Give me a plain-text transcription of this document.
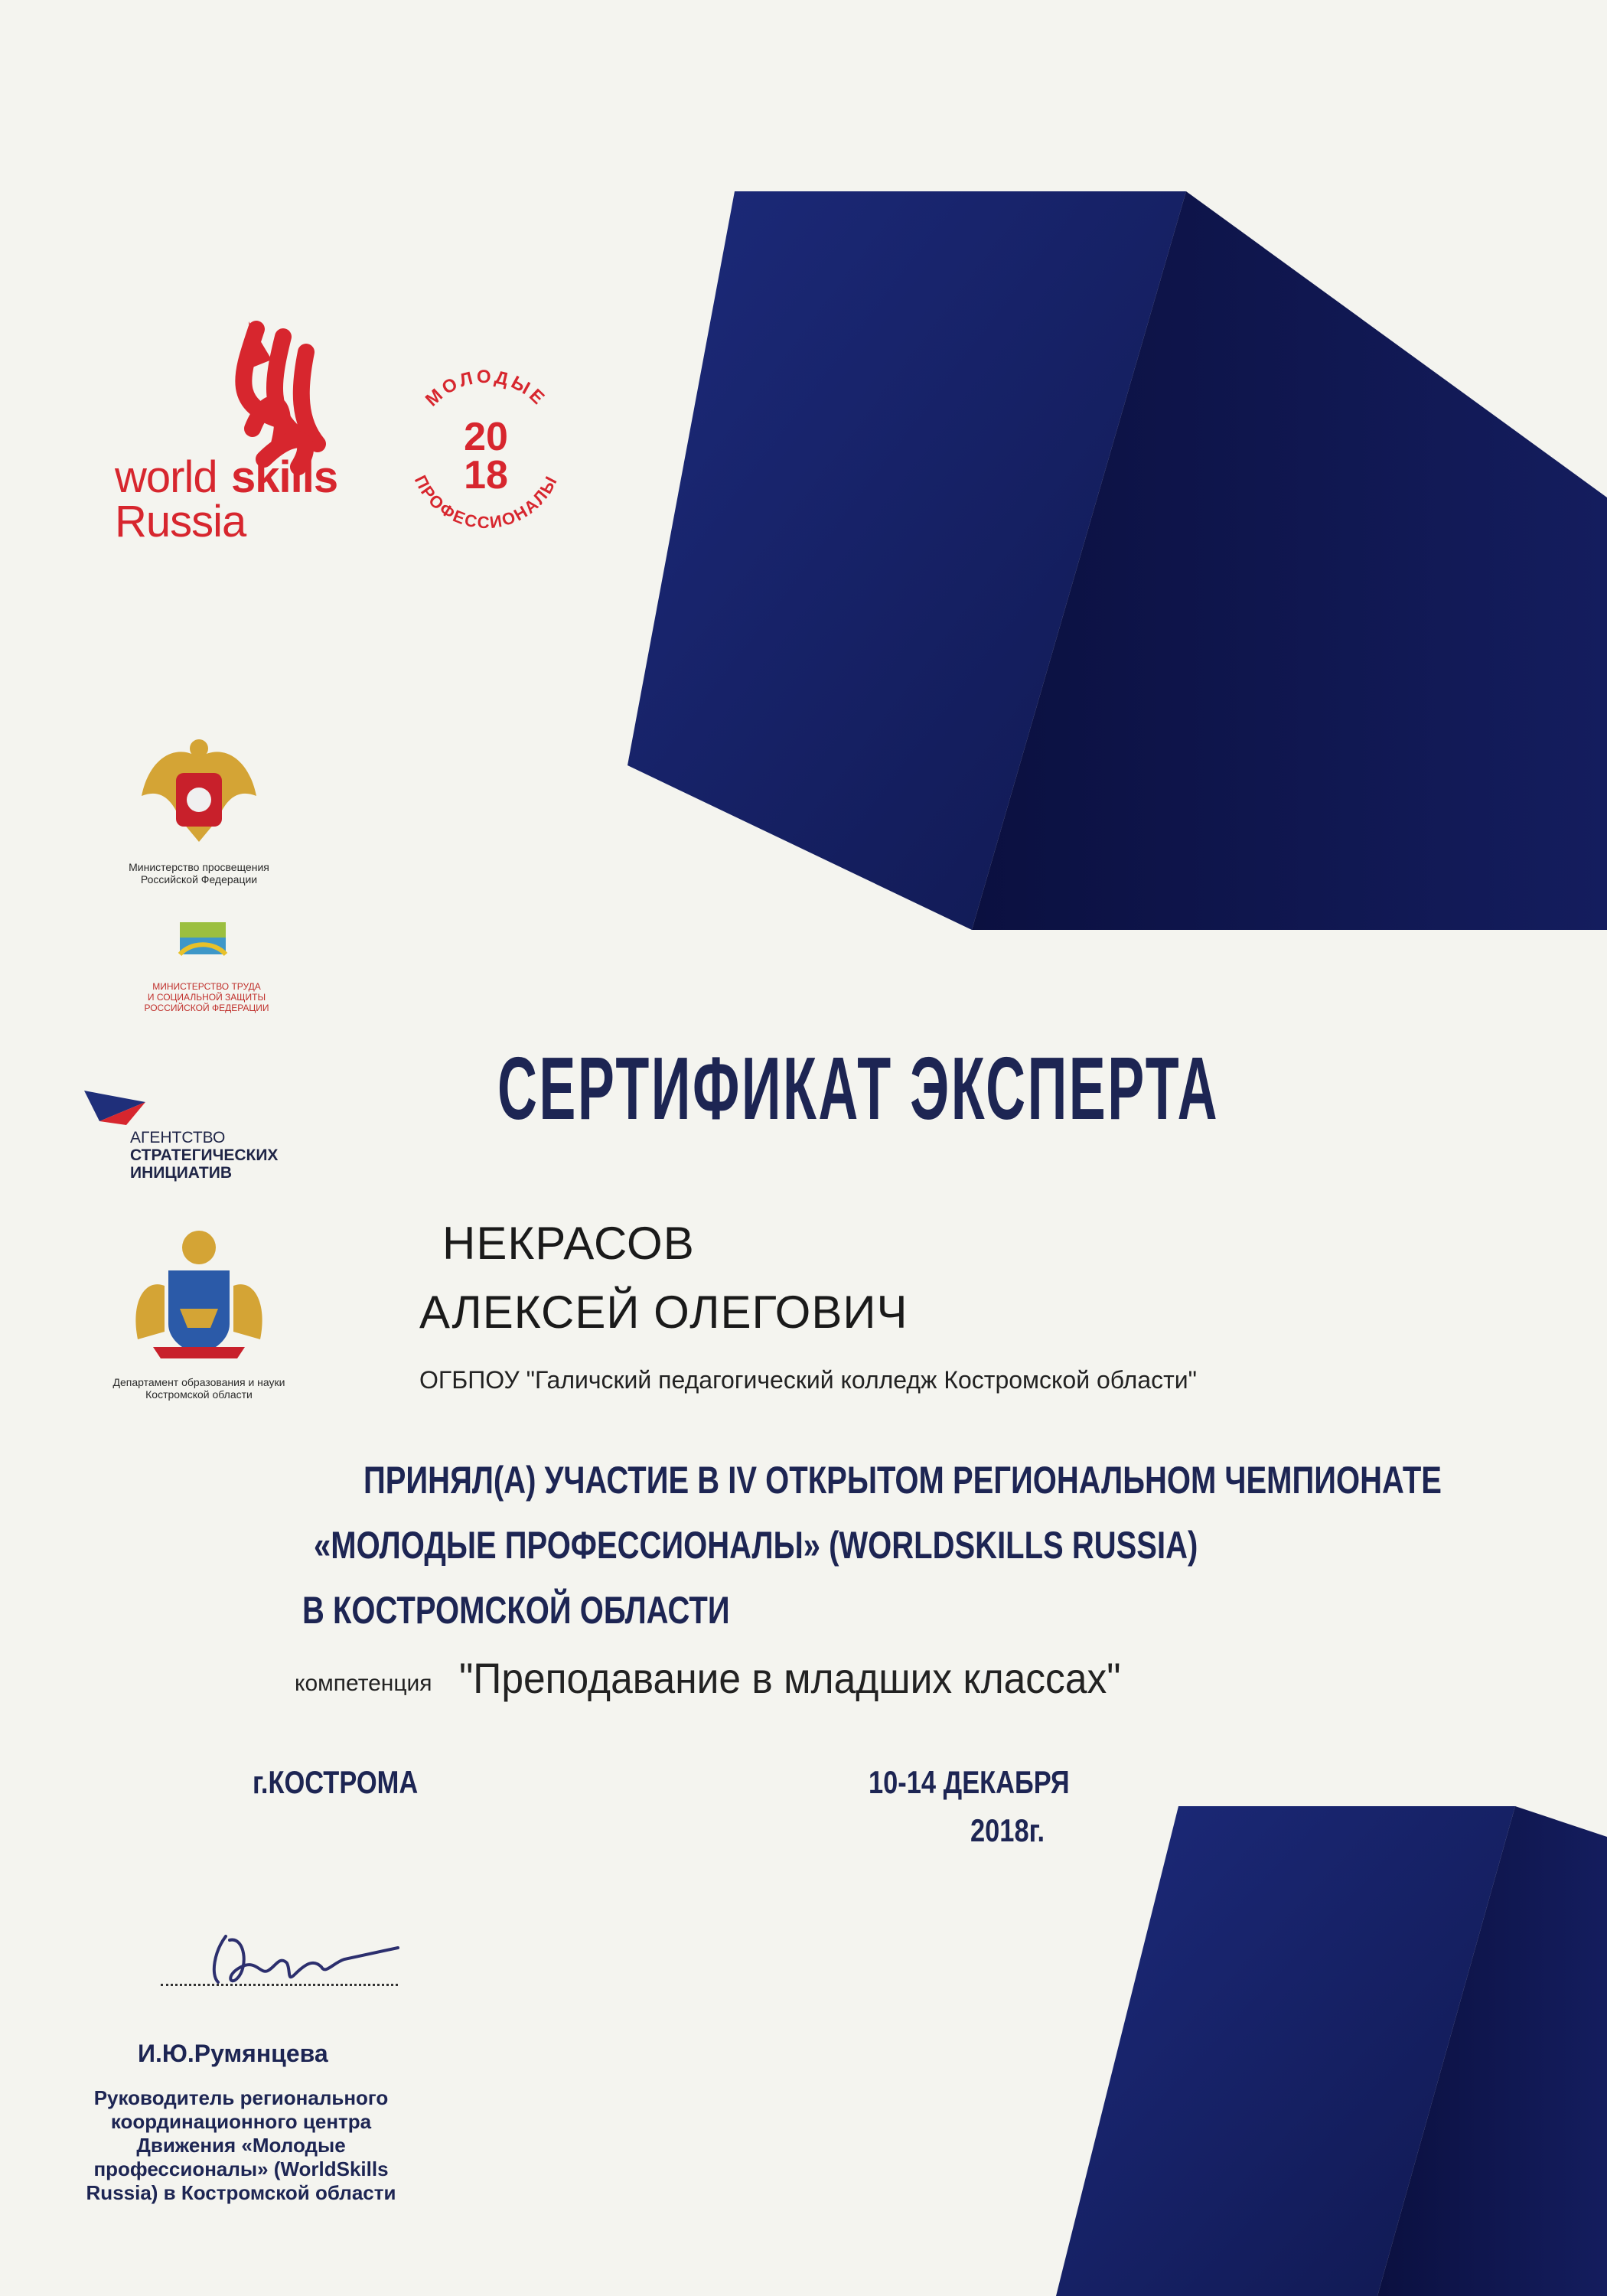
world skills
Russia
МОЛОДЫЕ
ПРОФЕССИОНАЛЫ
20
18
Министерство просвещения
Российской Федерации
МИНИСТЕРСТВО ТРУДА
И СОЦИАЛЬНОЙ ЗАЩИТЫ
РОССИЙСКОЙ ФЕДЕРАЦИИ
АГЕНТСТВО
СТРАТЕГИЧЕСКИХ
ИНИЦИАТИВ
Департамент образования и науки
Костромской области
СЕРТИФИКАТ ЭКСПЕРТА
НЕКРАСОВ
АЛЕКСЕЙ ОЛЕГОВИЧ
ОГБПОУ "Галичский педагогический колледж Костромской области"
ПРИНЯЛ(А) УЧАСТИЕ В IV ОТКРЫТОМ РЕГИОНАЛЬНОМ ЧЕМПИОНАТЕ
«МОЛОДЫЕ ПРОФЕССИОНАЛЫ» (WORLDSKILLS RUSSIA)
В КОСТРОМСКОЙ ОБЛАСТИ
компетенция "Преподавание в младших классах"
г.КОСТРОМА	10-14 ДЕКАБРЯ
2018г.
И.Ю.Румянцева
Руководитель регионального координационного центра Движения «Молодые профессионалы» (WorldSkills Russia) в Костромской области
